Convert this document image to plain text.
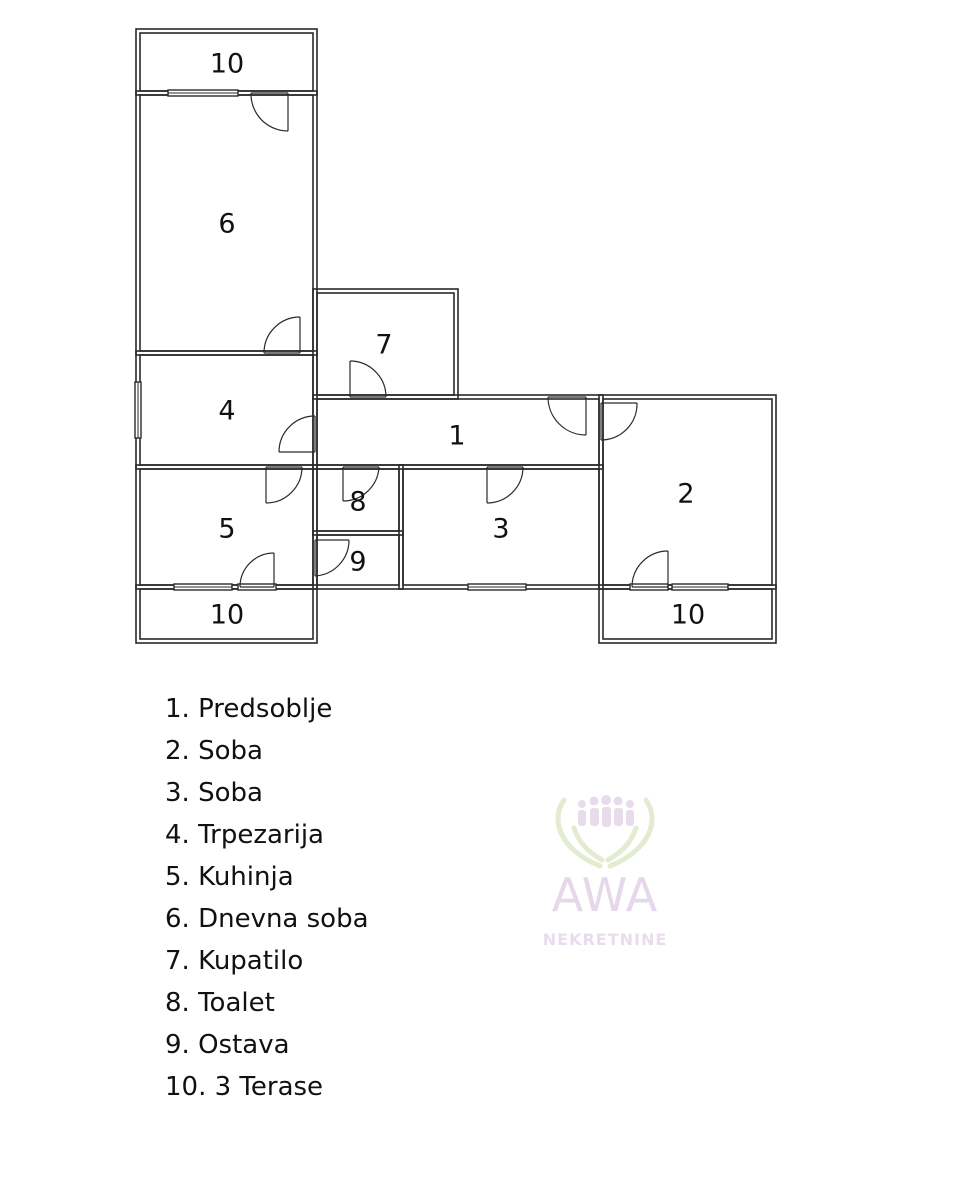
1
2
3
4
5
6
7
8
9
10
10	10
1. Predsoblje
2. Soba
3. Soba
4. Trpezarija
5. Kuhinja
6. Dnevna soba
7. Kupatilo
8. Toalet
9. Ostava
10. 3 Terase
AWA
NEKRETNINE
